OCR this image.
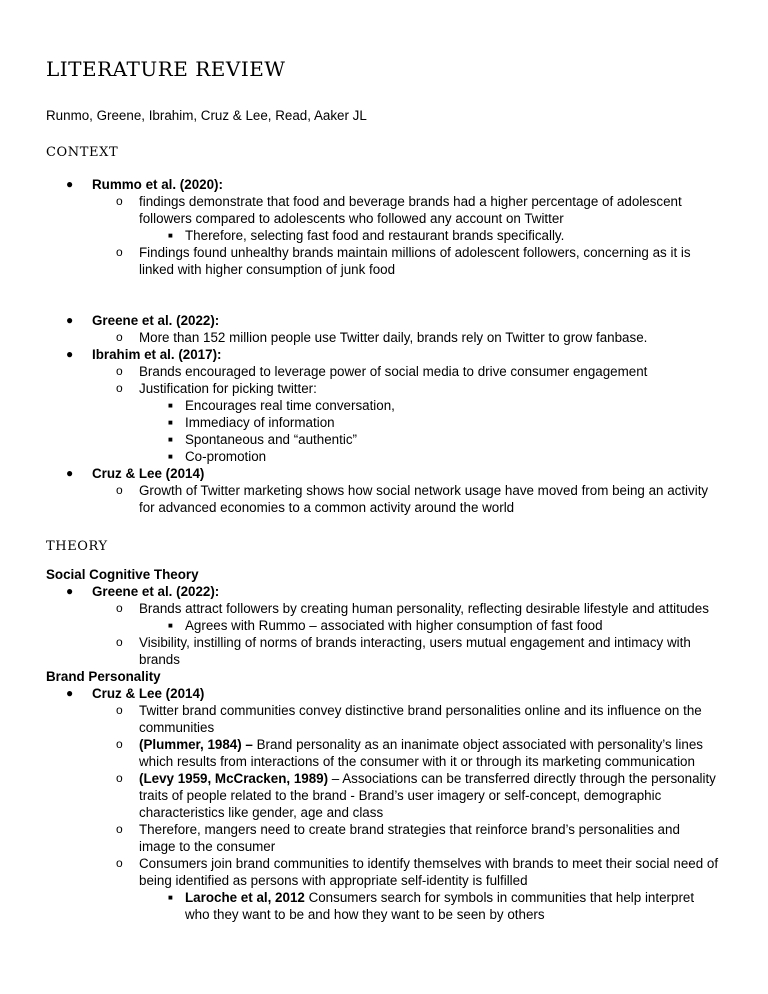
LITERATURE REVIEW
Runmo, Greene, Ibrahim, Cruz & Lee, Read, Aaker JL
CONTEXT
● Rummo et al. (2020):
o findings demonstrate that food and beverage brands had a higher percentage of adolescent followers compared to adolescents who followed any account on Twitter
■ Therefore, selecting fast food and restaurant brands specifically.
o Findings found unhealthy brands maintain millions of adolescent followers, concerning as it is linked with higher consumption of junk food
● Greene et al. (2022):
o More than 152 million people use Twitter daily, brands rely on Twitter to grow fanbase.
● Ibrahim et al. (2017):
o Brands encouraged to leverage power of social media to drive consumer engagement
o Justification for picking twitter:
■ Encourages real time conversation,
■ Immediacy of information
■ Spontaneous and “authentic”
■ Co-promotion
● Cruz & Lee (2014)
o Growth of Twitter marketing shows how social network usage have moved from being an activity for advanced economies to a common activity around the world
THEORY
Social Cognitive Theory
● Greene et al. (2022):
o Brands attract followers by creating human personality, reflecting desirable lifestyle and attitudes
■ Agrees with Rummo – associated with higher consumption of fast food
o Visibility, instilling of norms of brands interacting, users mutual engagement and intimacy with brands
Brand Personality
● Cruz & Lee (2014)
o Twitter brand communities convey distinctive brand personalities online and its influence on the communities
o (Plummer, 1984) – Brand personality as an inanimate object associated with personality’s lines which results from interactions of the consumer with it or through its marketing communication
o (Levy 1959, McCracken, 1989) – Associations can be transferred directly through the personality traits of people related to the brand - Brand’s user imagery or self-concept, demographic characteristics like gender, age and class
o Therefore, mangers need to create brand strategies that reinforce brand’s personalities and image to the consumer
o Consumers join brand communities to identify themselves with brands to meet their social need of being identified as persons with appropriate self-identity is fulfilled
■ Laroche et al, 2012 Consumers search for symbols in communities that help interpret who they want to be and how they want to be seen by others
